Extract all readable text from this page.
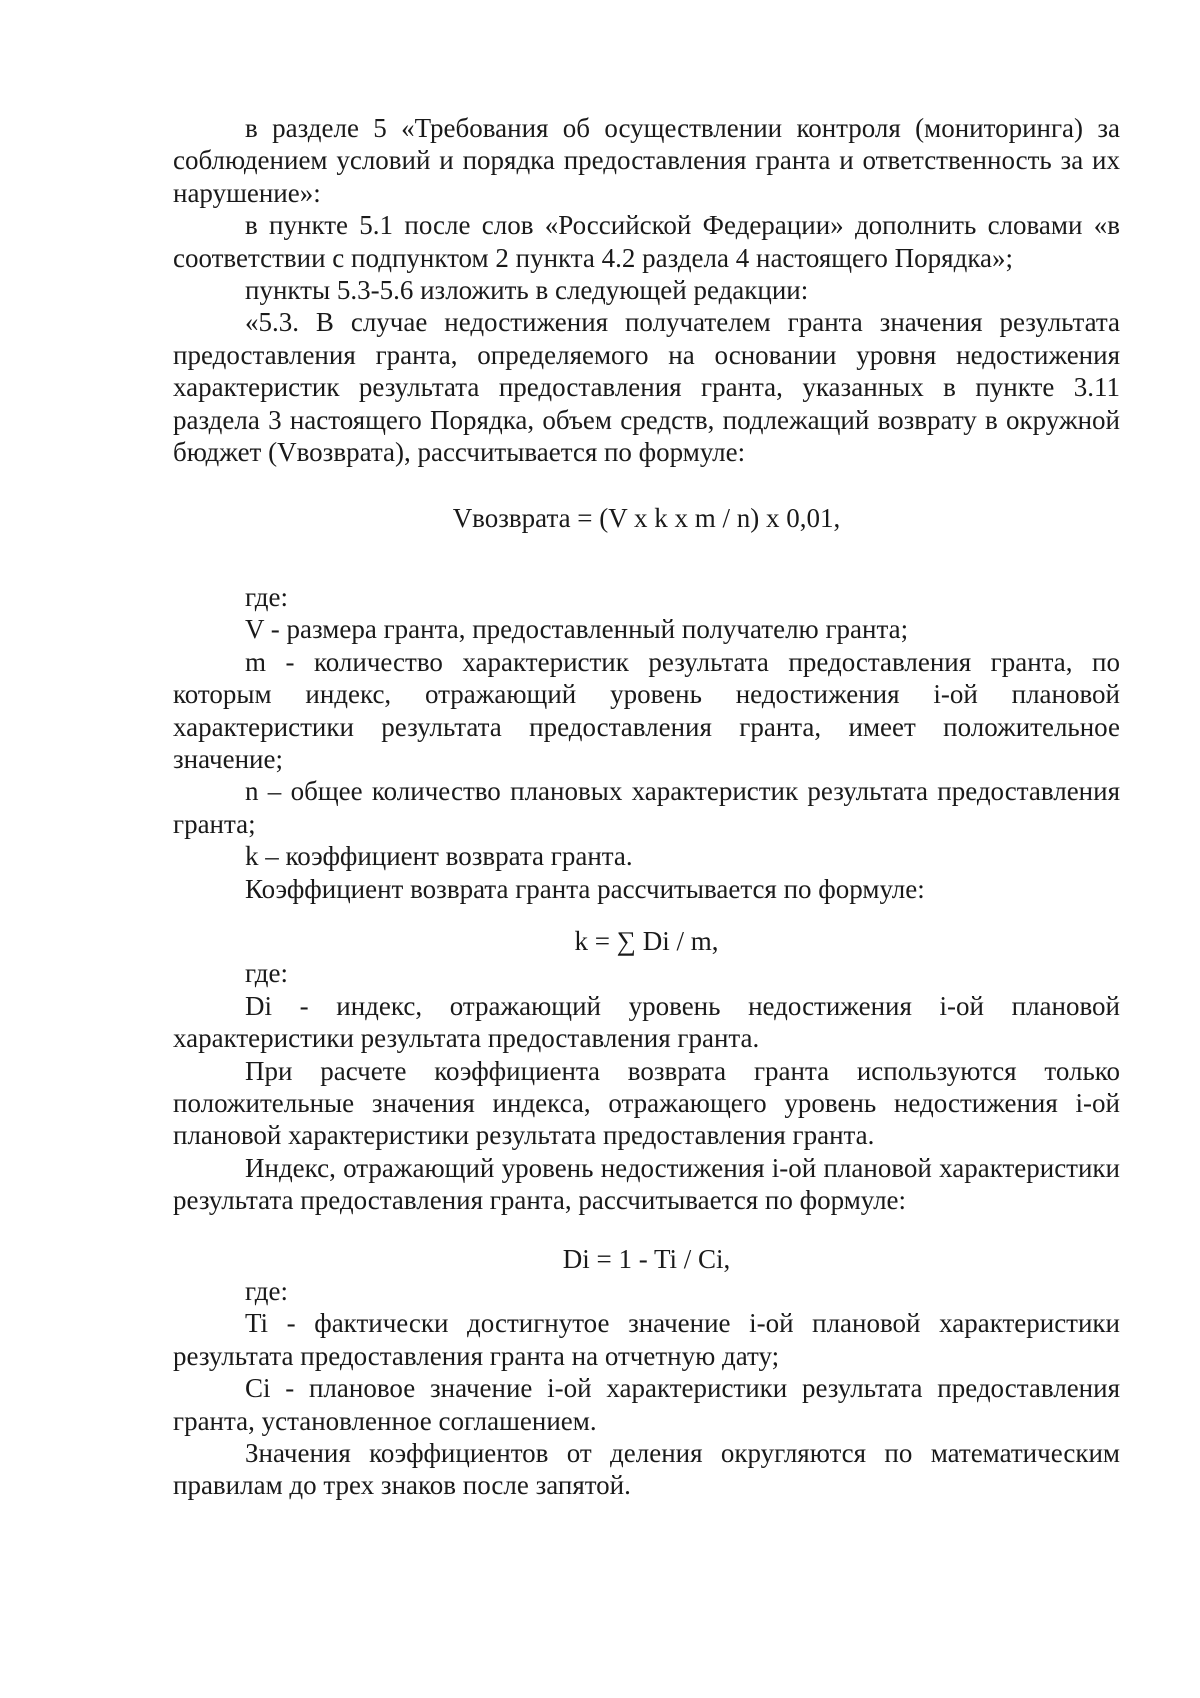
в разделе 5 «Требования об осуществлении контроля (мониторинга) за соблюдением условий и порядка предоставления гранта и ответственность за их нарушение»:

в пункте 5.1 после слов «Российской Федерации» дополнить словами «в соответствии с подпунктом 2 пункта 4.2 раздела 4 настоящего Порядка»;

пункты 5.3-5.6 изложить в следующей редакции:

«5.3. В случае недостижения получателем гранта значения результата предоставления гранта, определяемого на основании уровня недостижения характеристик результата предоставления гранта, указанных в пункте 3.11 раздела 3 настоящего Порядка, объем средств, подлежащий возврату в окружной бюджет (Vвозврата), рассчитывается по формуле:

Vвозврата = (V x k x m / n) x 0,01,

где:

V - размера гранта, предоставленный получателю гранта;

m - количество характеристик результата предоставления гранта, по которым индекс, отражающий уровень недостижения i-ой плановой характеристики результата предоставления гранта, имеет положительное значение;

n – общее количество плановых характеристик результата предоставления гранта;

k – коэффициент возврата гранта.

Коэффициент возврата гранта рассчитывается по формуле:

k = ∑ Di / m,

где:

Di - индекс, отражающий уровень недостижения i-ой плановой характеристики результата предоставления гранта.

При расчете коэффициента возврата гранта используются только положительные значения индекса, отражающего уровень недостижения i-ой плановой характеристики результата предоставления гранта.

Индекс, отражающий уровень недостижения i-ой плановой характеристики результата предоставления гранта, рассчитывается по формуле:

Di = 1 - Ti / Ci,

где:

Ti - фактически достигнутое значение i-ой плановой характеристики результата предоставления гранта на отчетную дату;

Ci - плановое значение i-ой характеристики результата предоставления гранта, установленное соглашением.

Значения коэффициентов от деления округляются по математическим правилам до трех знаков после запятой.
